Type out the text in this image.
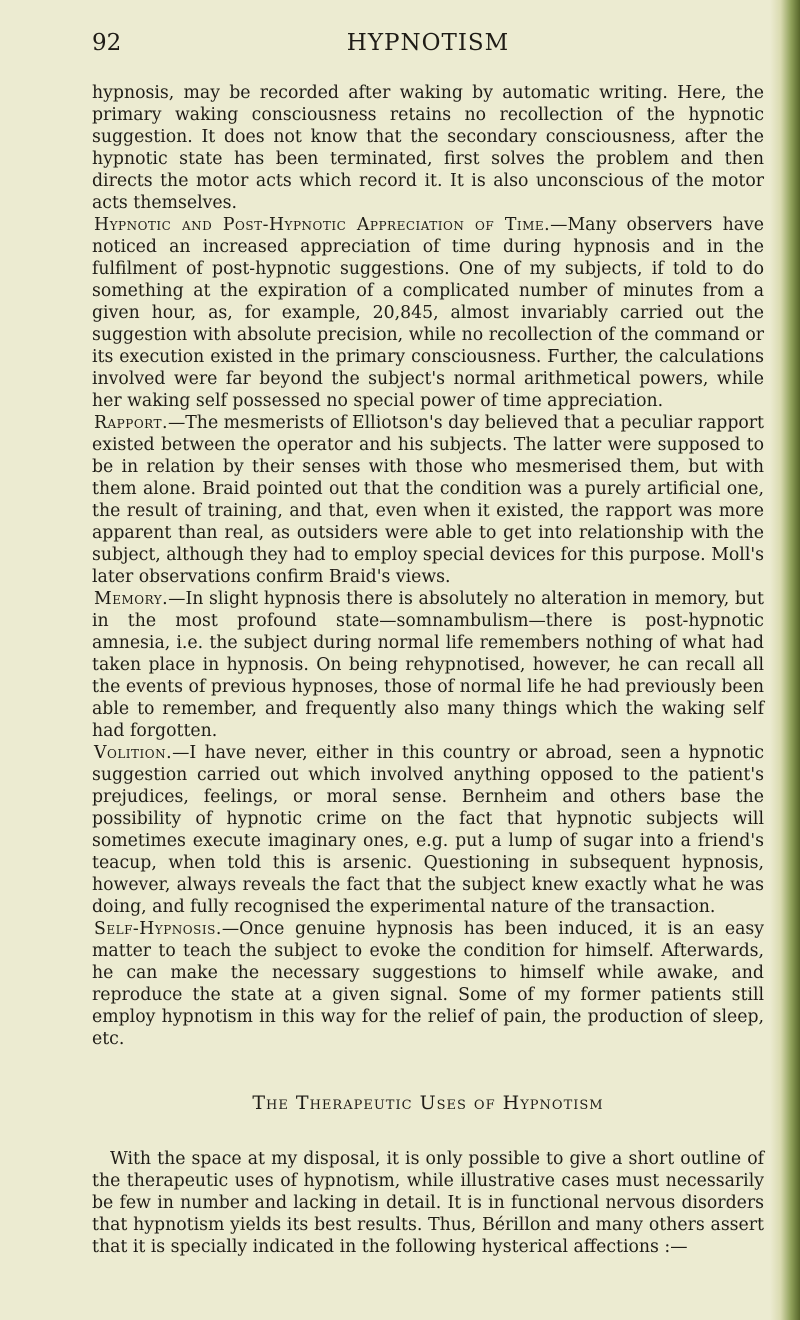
92	HYPNOTISM

hypnosis, may be recorded after waking by automatic writing. Here, the primary waking consciousness retains no recollection of the hypnotic suggestion. It does not know that the secondary consciousness, after the hypnotic state has been terminated, first solves the problem and then directs the motor acts which record it. It is also unconscious of the motor acts themselves.

Hypnotic and Post-Hypnotic Appreciation of Time.—Many observers have noticed an increased appreciation of time during hypnosis and in the fulfilment of post-hypnotic suggestions. One of my subjects, if told to do something at the expiration of a complicated number of minutes from a given hour, as, for example, 20,845, almost invariably carried out the suggestion with absolute precision, while no recollection of the command or its execution existed in the primary consciousness. Further, the calculations involved were far beyond the subject's normal arithmetical powers, while her waking self possessed no special power of time appreciation.

Rapport.—The mesmerists of Elliotson's day believed that a peculiar rapport existed between the operator and his subjects. The latter were supposed to be in relation by their senses with those who mesmerised them, but with them alone. Braid pointed out that the condition was a purely artificial one, the result of training, and that, even when it existed, the rapport was more apparent than real, as outsiders were able to get into relationship with the subject, although they had to employ special devices for this purpose. Moll's later observations confirm Braid's views.

Memory.—In slight hypnosis there is absolutely no alteration in memory, but in the most profound state—somnambulism—there is post-hypnotic amnesia, i.e. the subject during normal life remembers nothing of what had taken place in hypnosis. On being rehypnotised, however, he can recall all the events of previous hypnoses, those of normal life he had previously been able to remember, and frequently also many things which the waking self had forgotten.

Volition.—I have never, either in this country or abroad, seen a hypnotic suggestion carried out which involved anything opposed to the patient's prejudices, feelings, or moral sense. Bernheim and others base the possibility of hypnotic crime on the fact that hypnotic subjects will sometimes execute imaginary ones, e.g. put a lump of sugar into a friend's teacup, when told this is arsenic. Questioning in subsequent hypnosis, however, always reveals the fact that the subject knew exactly what he was doing, and fully recognised the experimental nature of the transaction.

Self-Hypnosis.—Once genuine hypnosis has been induced, it is an easy matter to teach the subject to evoke the condition for himself. Afterwards, he can make the necessary suggestions to himself while awake, and reproduce the state at a given signal. Some of my former patients still employ hypnotism in this way for the relief of pain, the production of sleep, etc.

The Therapeutic Uses of Hypnotism

With the space at my disposal, it is only possible to give a short outline of the therapeutic uses of hypnotism, while illustrative cases must necessarily be few in number and lacking in detail. It is in functional nervous disorders that hypnotism yields its best results. Thus, Bérillon and many others assert that it is specially indicated in the following hysterical affections :—
